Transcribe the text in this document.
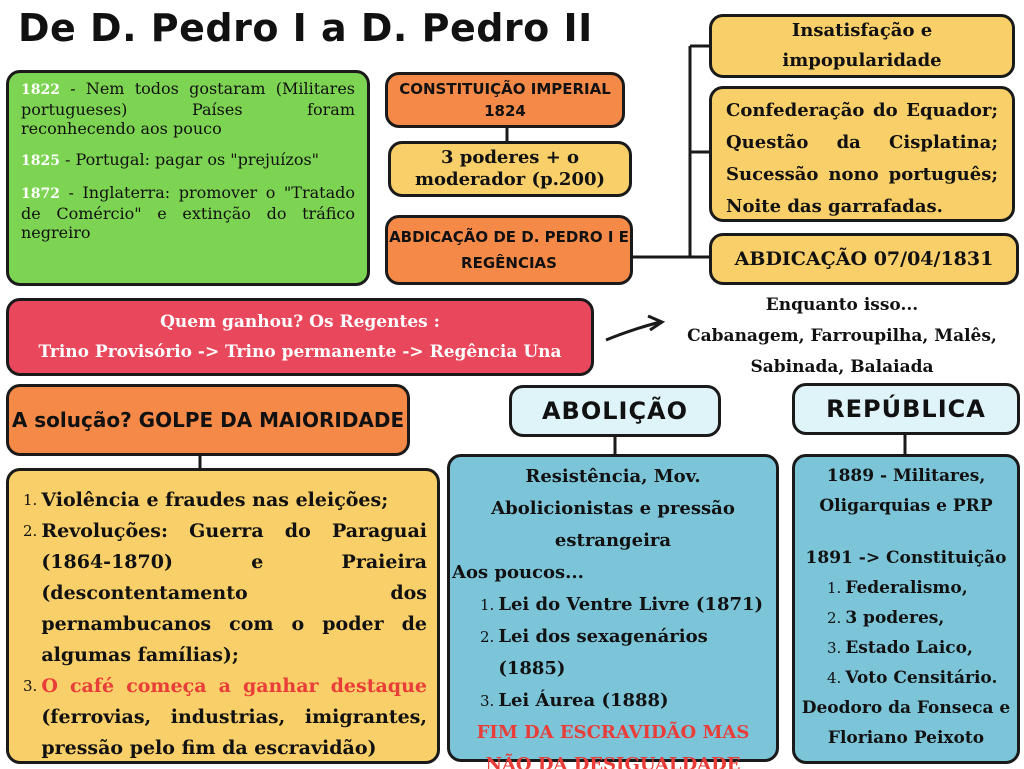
De D. Pedro I a D. Pedro II

1822 - Nem todos gostaram (Militares portugueses) Países foram reconhecendo aos pouco

1825 - Portugal: pagar os "prejuízos"

1872 - Inglaterra: promover o "Tratado de Comércio" e extinção do tráfico negreiro

CONSTITUIÇÃO IMPERIAL 1824
3 poderes + o moderador (p.200)
ABDICAÇÃO DE D. PEDRO I E REGÊNCIAS
Insatisfação e impopularidade

Confederação do Equador;

Questão da Cisplatina;

Sucessão nono português;

Noite das garrafadas.

ABDICAÇÃO 07/04/1831
Enquanto isso...
Cabanagem, Farroupilha, Malês,
Sabinada, Balaiada
Quem ganhou? Os Regentes :
Trino Provisório -> Trino permanente -> Regência Una
A solução? GOLPE DA MAIORIDADE
1. Violência e fraudes nas eleições;
2. Revoluções: Guerra do Paraguai (1864-1870) e Praieira (descontentamento dos pernambucanos com o poder de algumas famílias);
3. O café começa a ganhar destaque (ferrovias, industrias, imigrantes, pressão pelo fim da escravidão)
ABOLIÇÃO
Resistência, Mov. Abolicionistas e pressão estrangeira
Aos poucos...
1. Lei do Ventre Livre (1871)
2. Lei dos sexagenários (1885)
3. Lei Áurea (1888)
FIM DA ESCRAVIDÃO MAS NÃO DA DESIGUALDADE
REPÚBLICA
1889 - Militares, Oligarquias e PRP
1891 -> Constituição
1. Federalismo,
2. 3 poderes,
3. Estado Laico,
4. Voto Censitário.
Deodoro da Fonseca e Floriano Peixoto
